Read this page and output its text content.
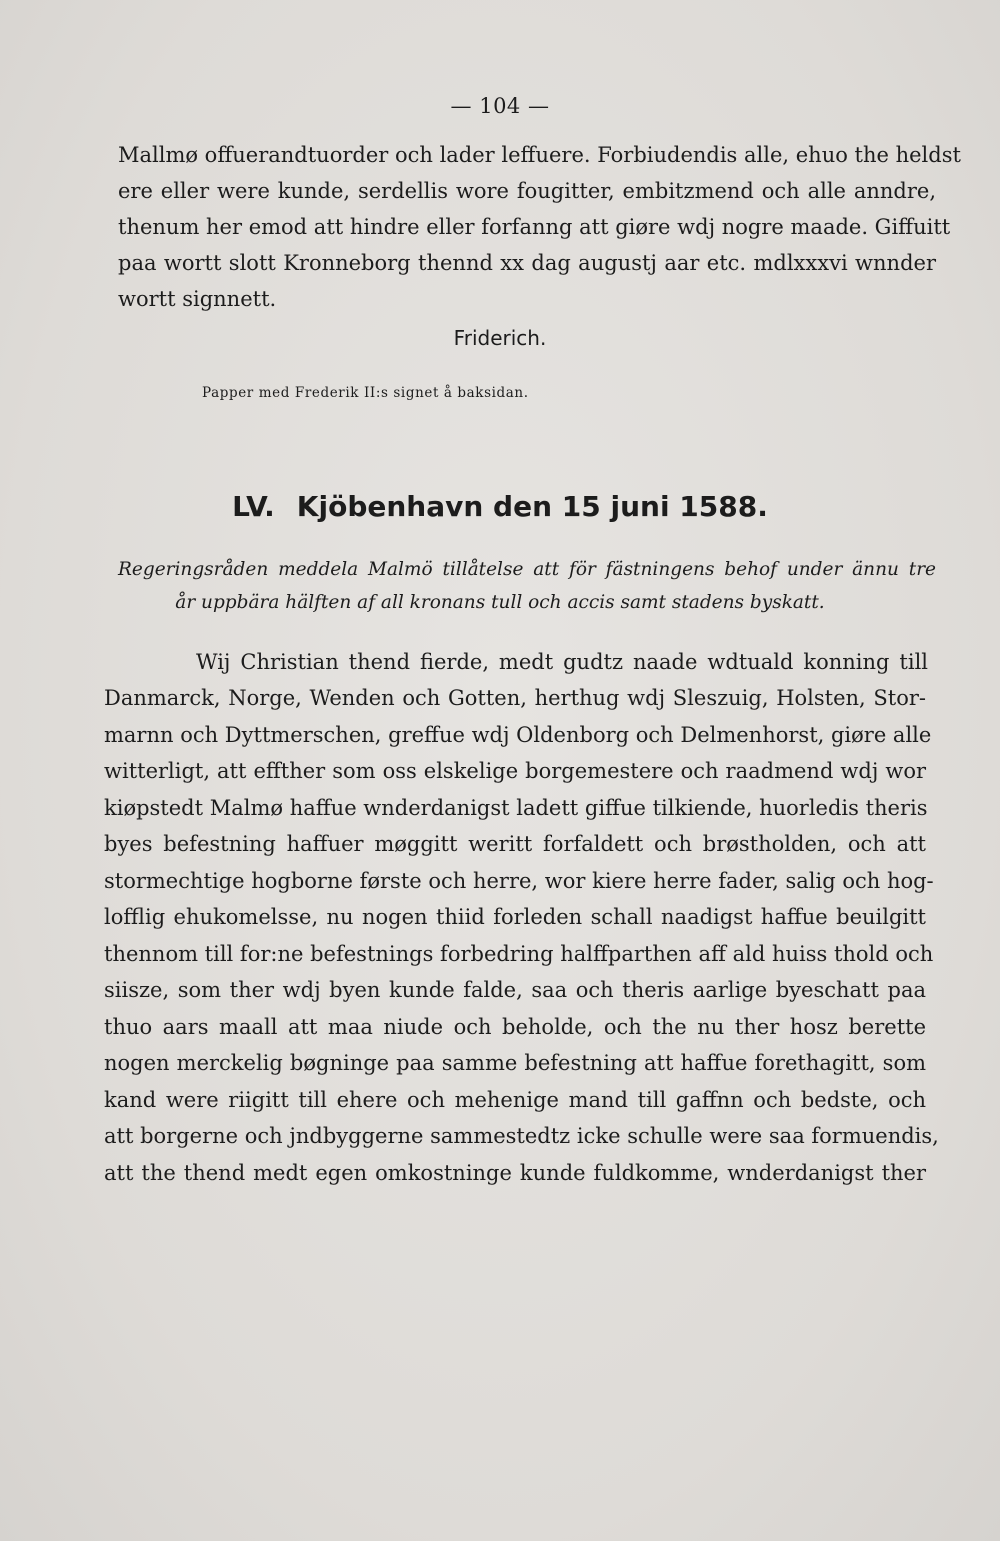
— 104 —
Mallmø offuerandtuorder och lader leffuere. Forbiudendis alle, ehuo the heldst
ere eller were kunde, serdellis wore fougitter, embitzmend och alle anndre,
thenum her emod att hindre eller forfanng att giøre wdj nogre maade. Giffuitt
paa wortt slott Kronneborg thennd xx dag augustj aar etc. mdlxxxvi wnnder
wortt signnett.
Friderich.
Papper med Frederik II:s signet å baksidan.
LV. Kjöbenhavn den 15 juni 1588.
Regeringsråden meddela Malmö tillåtelse att för fästningens behof under ännu tre
år uppbära hälften af all kronans tull och accis samt stadens byskatt.
Wij Christian thend fierde, medt gudtz naade wdtuald konning till
Danmarck, Norge, Wenden och Gotten, herthug wdj Sleszuig, Holsten, Stor-
marnn och Dyttmerschen, greffue wdj Oldenborg och Delmenhorst, giøre alle
witterligt, att effther som oss elskelige borgemestere och raadmend wdj wor
kiøpstedt Malmø haffue wnderdanigst ladett giffue tilkiende, huorledis theris
byes befestning haffuer møggitt weritt forfaldett och brøstholden, och att
stormechtige hogborne første och herre, wor kiere herre fader, salig och hog-
lofflig ehukomelsse, nu nogen thiid forleden schall naadigst haffue beuilgitt
thennom till for:ne befestnings forbedring halffparthen aff ald huiss thold och
siisze, som ther wdj byen kunde falde, saa och theris aarlige byeschatt paa
thuo aars maall att maa niude och beholde, och the nu ther hosz berette
nogen merckelig bøgninge paa samme befestning att haffue forethagitt, som
kand were riigitt till ehere och mehenige mand till gaffnn och bedste, och
att borgerne och jndbyggerne sammestedtz icke schulle were saa formuendis,
att the thend medt egen omkostninge kunde fuldkomme, wnderdanigst ther
